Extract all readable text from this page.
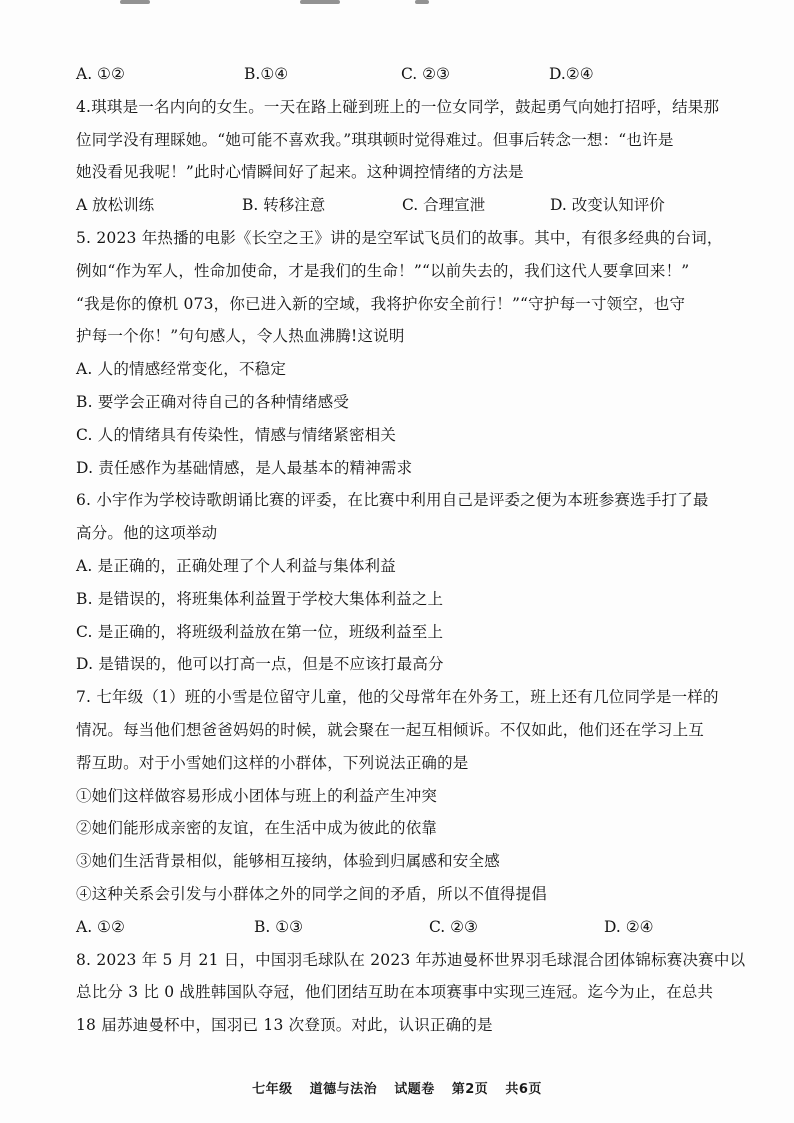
A. ①②	B.①④	C. ②③	D.②④
4.琪琪是一名内向的女生。一天在路上碰到班上的一位女同学，鼓起勇气向她打招呼，结果那
位同学没有理睬她。“她可能不喜欢我。”琪琪顿时觉得难过。但事后转念一想：“也许是
她没看见我呢！”此时心情瞬间好了起来。这种调控情绪的方法是
A 放松训练	B. 转移注意	C. 合理宣泄	D. 改变认知评价
5. 2023 年热播的电影《长空之王》讲的是空军试飞员们的故事。其中，有很多经典的台词，
例如“作为军人，性命加使命，才是我们的生命！”“以前失去的，我们这代人要拿回来！”
“我是你的僚机 073，你已进入新的空域，我将护你安全前行！”“守护每一寸领空，也守
护每一个你！”句句感人，令人热血沸腾!这说明
A. 人的情感经常变化，不稳定
B. 要学会正确对待自己的各种情绪感受
C. 人的情绪具有传染性，情感与情绪紧密相关
D. 责任感作为基础情感，是人最基本的精神需求
6. 小宇作为学校诗歌朗诵比赛的评委，在比赛中利用自己是评委之便为本班参赛选手打了最
高分。他的这项举动
A. 是正确的，正确处理了个人利益与集体利益
B. 是错误的，将班集体利益置于学校大集体利益之上
C. 是正确的，将班级利益放在第一位，班级利益至上
D. 是错误的，他可以打高一点，但是不应该打最高分
7. 七年级（1）班的小雪是位留守儿童，他的父母常年在外务工，班上还有几位同学是一样的
情况。每当他们想爸爸妈妈的时候，就会聚在一起互相倾诉。不仅如此，他们还在学习上互
帮互助。对于小雪她们这样的小群体，下列说法正确的是
①她们这样做容易形成小团体与班上的利益产生冲突
②她们能形成亲密的友谊，在生活中成为彼此的依靠
③她们生活背景相似，能够相互接纳，体验到归属感和安全感
④这种关系会引发与小群体之外的同学之间的矛盾，所以不值得提倡
A. ①②	B. ①③	C. ②③	D. ②④
8. 2023 年 5 月 21 日，中国羽毛球队在 2023 年苏迪曼杯世界羽毛球混合团体锦标赛决赛中以
总比分 3 比 0 战胜韩国队夺冠，他们团结互助在本项赛事中实现三连冠。迄今为止，在总共
18 届苏迪曼杯中，国羽已 13 次登顶。对此，认识正确的是
七年级 道德与法治 试题卷 第2页 共6页
